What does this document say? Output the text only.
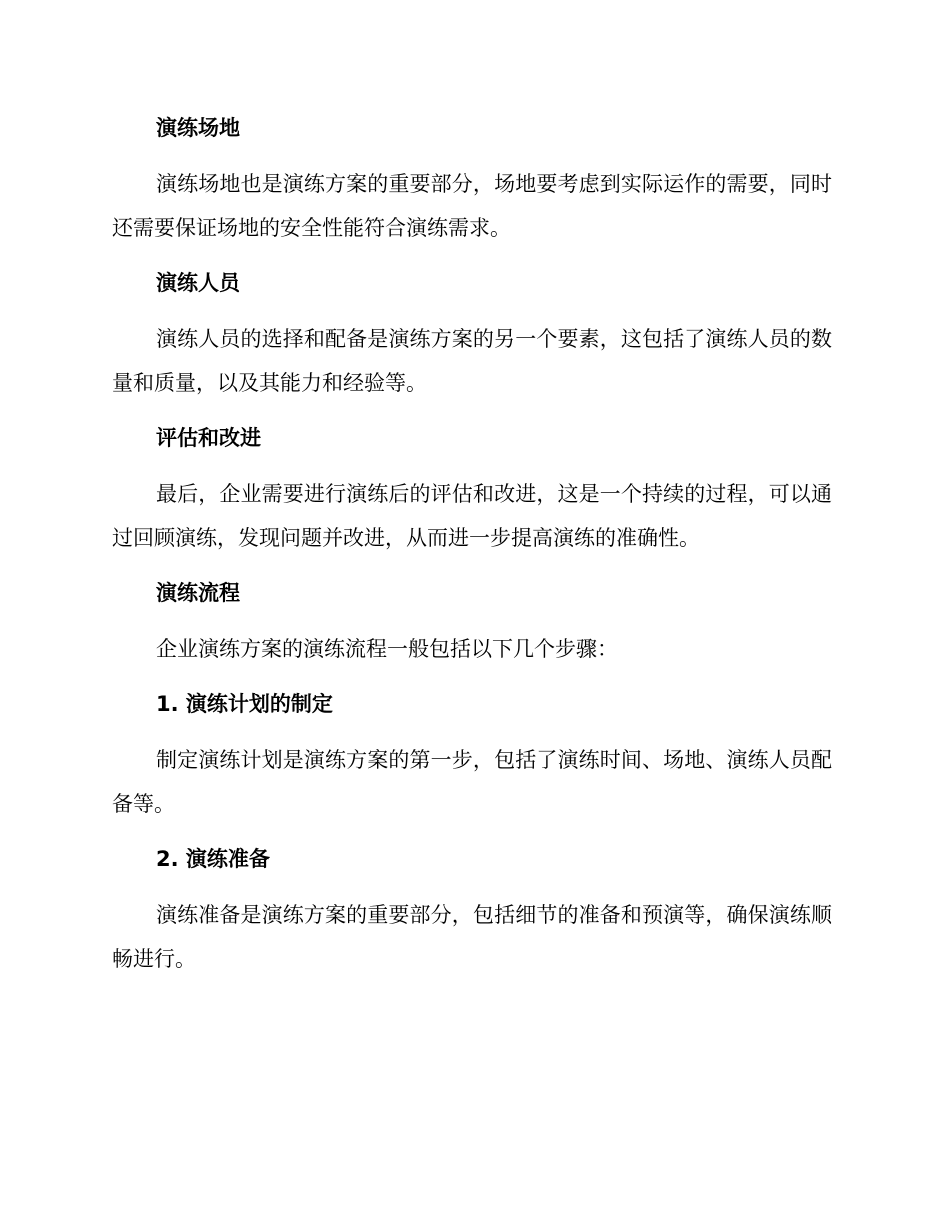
演练场地

演练场地也是演练方案的重要部分，场地要考虑到实际运作的需要，同时还需要保证场地的安全性能符合演练需求。

演练人员

演练人员的选择和配备是演练方案的另一个要素，这包括了演练人员的数量和质量，以及其能力和经验等。

评估和改进

最后，企业需要进行演练后的评估和改进，这是一个持续的过程，可以通过回顾演练，发现问题并改进，从而进一步提高演练的准确性。

演练流程

企业演练方案的演练流程一般包括以下几个步骤：

1. 演练计划的制定

制定演练计划是演练方案的第一步，包括了演练时间、场地、演练人员配备等。

2. 演练准备

演练准备是演练方案的重要部分，包括细节的准备和预演等，确保演练顺畅进行。
